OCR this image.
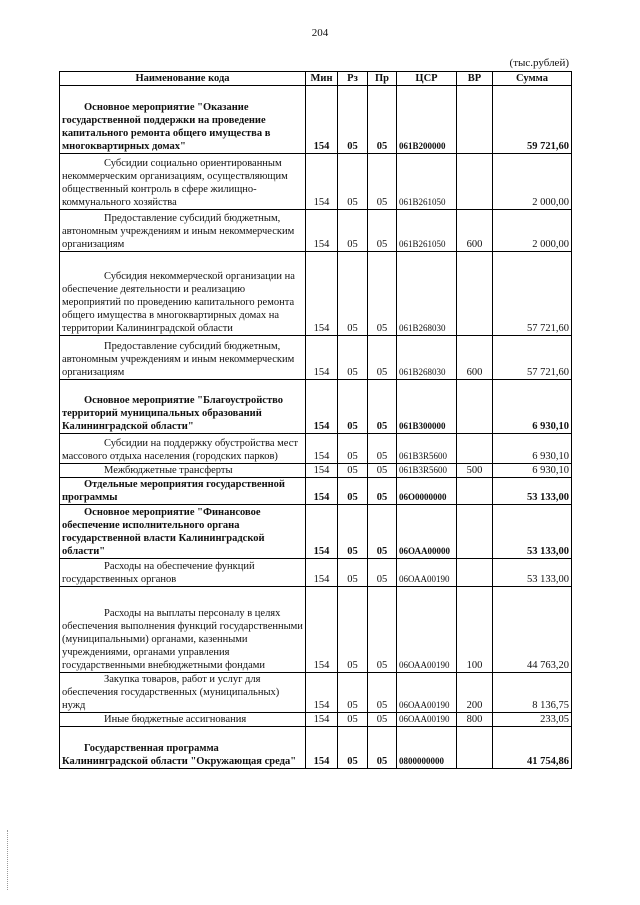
204
(тыс.рублей)
Наименование кода	Мин	Рз	Пр	ЦСР	ВР	Сумма
Основное мероприятие "Оказание государственной поддержки на проведение капитального ремонта общего имущества в многоквартирных домах"	154	05	05	061В200000		59 721,60
Субсидии социально ориентированным некоммерческим организациям, осуществляющим общественный контроль в сфере жилищно-коммунального хозяйства	154	05	05	061В261050		2 000,00
Предоставление субсидий бюджетным, автономным учреждениям и иным некоммерческим организациям	154	05	05	061В261050	600	2 000,00
Субсидия некоммерческой организации на обеспечение деятельности и реализацию мероприятий по проведению капитального ремонта общего имущества в многоквартирных домах на территории Калининградской области	154	05	05	061В268030		57 721,60
Предоставление субсидий бюджетным, автономным учреждениям и иным некоммерческим организациям	154	05	05	061В268030	600	57 721,60
Основное мероприятие "Благоустройство территорий муниципальных образований Калининградской области"	154	05	05	061В300000		6 930,10
Субсидии на поддержку обустройства мест массового отдыха населения (городских парков)	154	05	05	061В3R5600		6 930,10
Межбюджетные трансферты	154	05	05	061В3R5600	500	6 930,10
Отдельные мероприятия государственной программы	154	05	05	06О0000000		53 133,00
Основное мероприятие "Финансовое обеспечение исполнительного органа государственной власти Калининградской области"	154	05	05	06ОАА00000		53 133,00
Расходы на обеспечение функций государственных органов	154	05	05	06ОАА00190		53 133,00
Расходы на выплаты персоналу в целях обеспечения выполнения функций государственными (муниципальными) органами, казенными учреждениями, органами управления государственными внебюджетными фондами	154	05	05	06ОАА00190	100	44 763,20
Закупка товаров, работ и услуг для обеспечения государственных (муниципальных) нужд	154	05	05	06ОАА00190	200	8 136,75
Иные бюджетные ассигнования	154	05	05	06ОАА00190	800	233,05
Государственная программа Калининградской области "Окружающая среда"	154	05	05	0800000000		41 754,86
